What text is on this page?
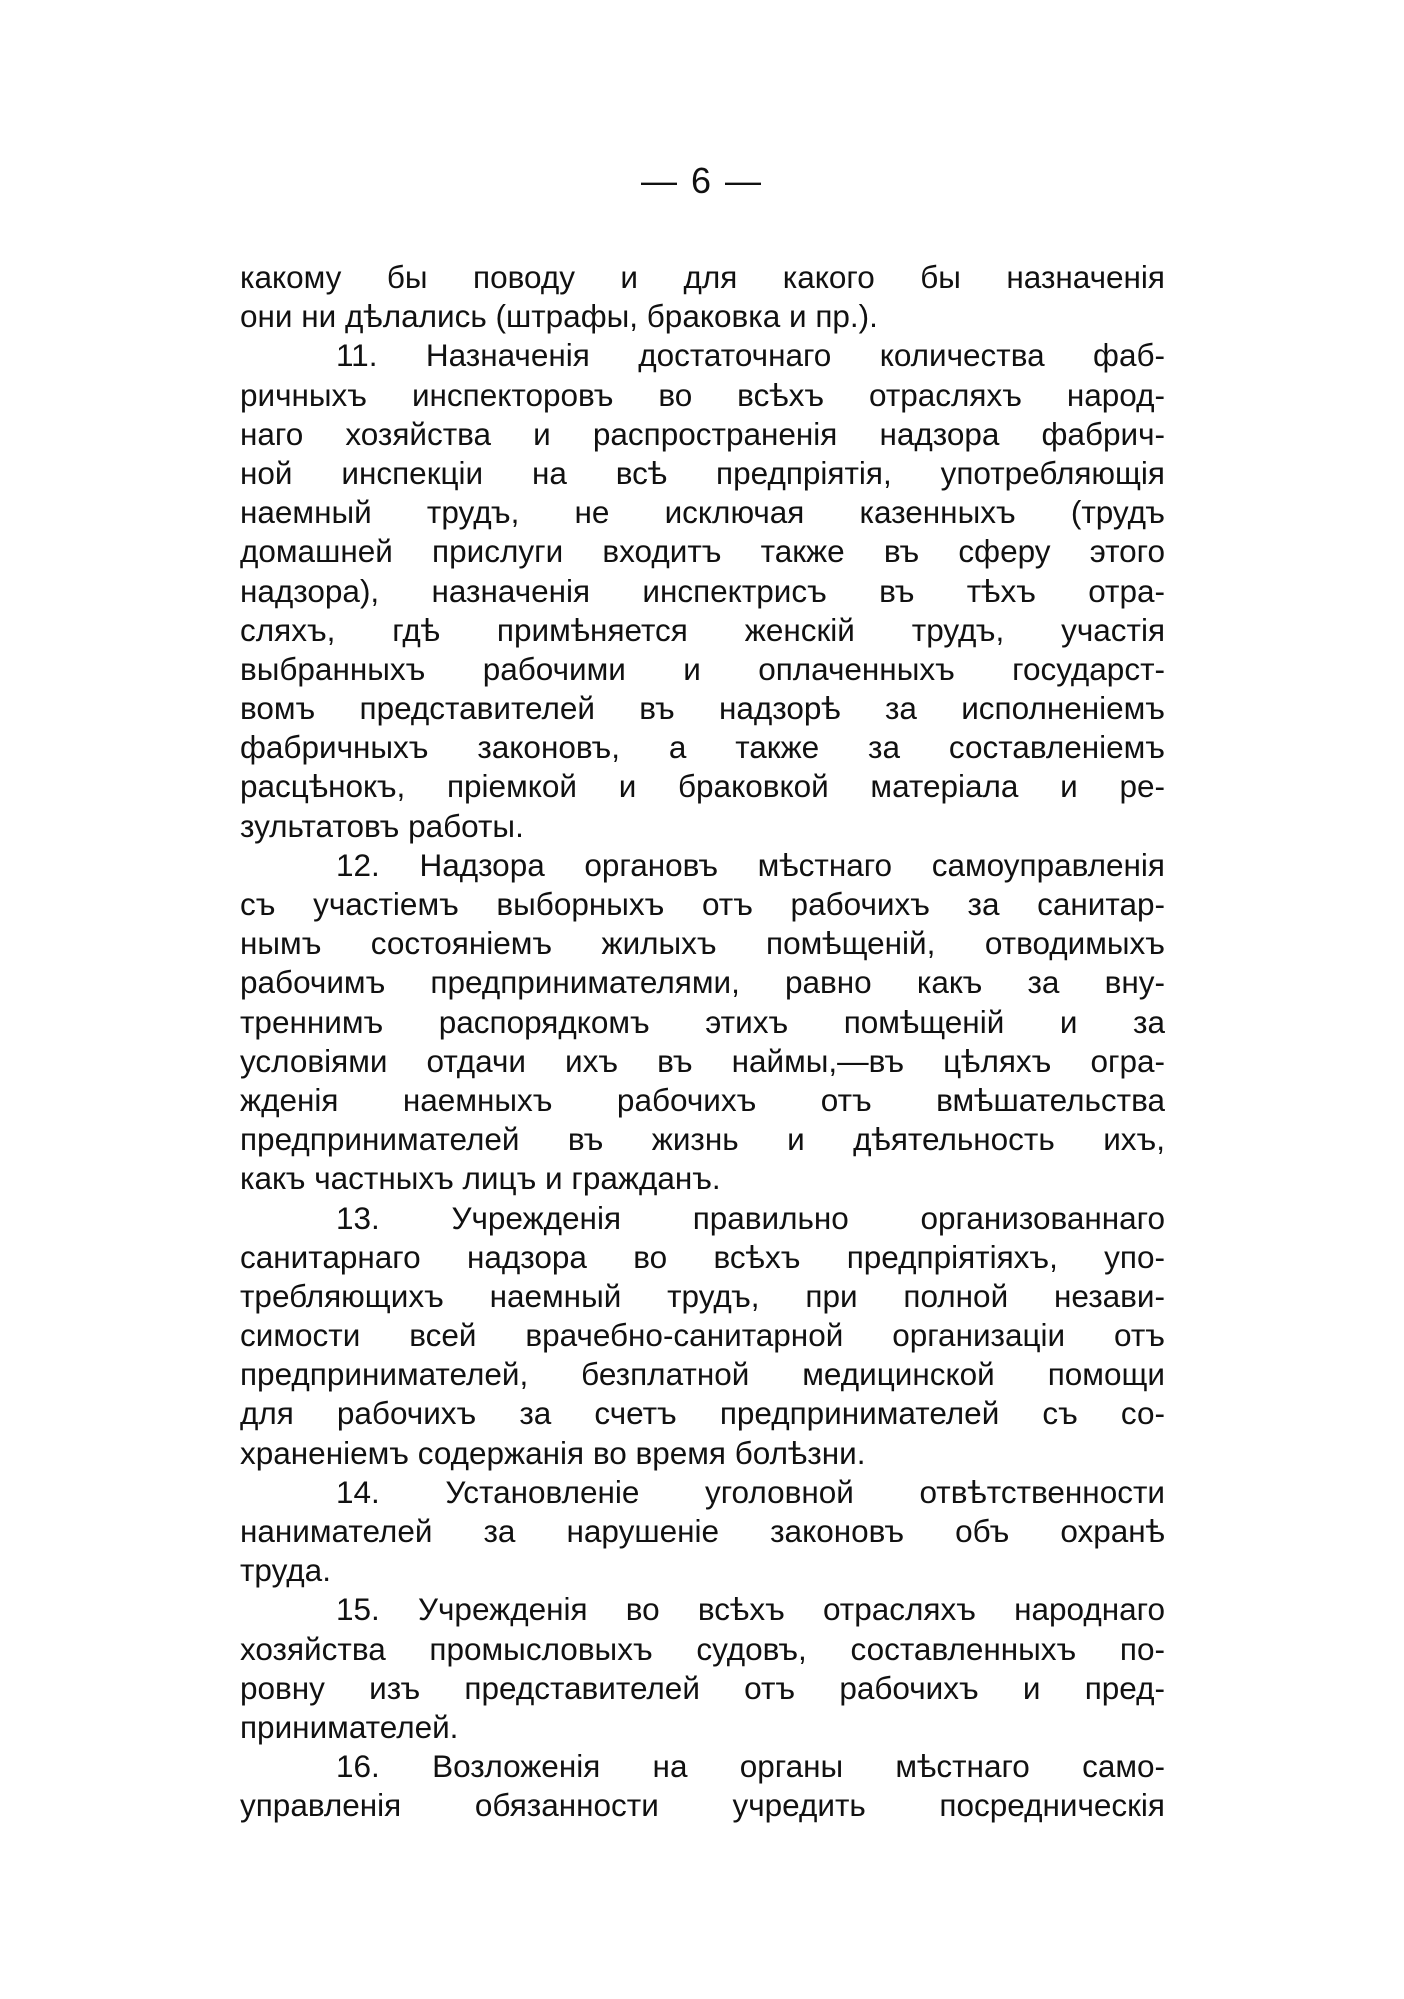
— 6 —
какому бы поводу и для какого бы назначенія
они ни дѣлались (штрафы, браковка и пр.).
11. Назначенія достаточнаго количества фаб-
ричныхъ инспекторовъ во всѣхъ отрасляхъ народ-
наго хозяйства и распространенія надзора фабрич-
ной инспекціи на всѣ предпріятія, употребляющія
наемный трудъ, не исключая казенныхъ (трудъ
домашней прислуги входитъ также въ сферу этого
надзора), назначенія инспектрисъ въ тѣхъ отра-
сляхъ, гдѣ примѣняется женскій трудъ, участія
выбранныхъ рабочими и оплаченныхъ государст-
вомъ представителей въ надзорѣ за исполненіемъ
фабричныхъ законовъ, а также за составленіемъ
расцѣнокъ, пріемкой и браковкой матеріала и ре-
зультатовъ работы.
12. Надзора органовъ мѣстнаго самоуправленія
съ участіемъ выборныхъ отъ рабочихъ за санитар-
нымъ состояніемъ жилыхъ помѣщеній, отводимыхъ
рабочимъ предпринимателями, равно какъ за вну-
треннимъ распорядкомъ этихъ помѣщеній и за
условіями отдачи ихъ въ наймы,—въ цѣляхъ огра-
жденія наемныхъ рабочихъ отъ вмѣшательства
предпринимателей въ жизнь и дѣятельность ихъ,
какъ частныхъ лицъ и гражданъ.
13. Учрежденія правильно организованнаго
санитарнаго надзора во всѣхъ предпріятіяхъ, упо-
требляющихъ наемный трудъ, при полной незави-
симости всей врачебно-санитарной организаціи отъ
предпринимателей, безплатной медицинской помощи
для рабочихъ за счетъ предпринимателей съ со-
храненіемъ содержанія во время болѣзни.
14. Установленіе уголовной отвѣтственности
нанимателей за нарушеніе законовъ объ охранѣ
труда.
15. Учрежденія во всѣхъ отрасляхъ народнаго
хозяйства промысловыхъ судовъ, составленныхъ по-
ровну изъ представителей отъ рабочихъ и пред-
принимателей.
16. Возложенія на органы мѣстнаго само-
управленія обязанности учредить посредническія
